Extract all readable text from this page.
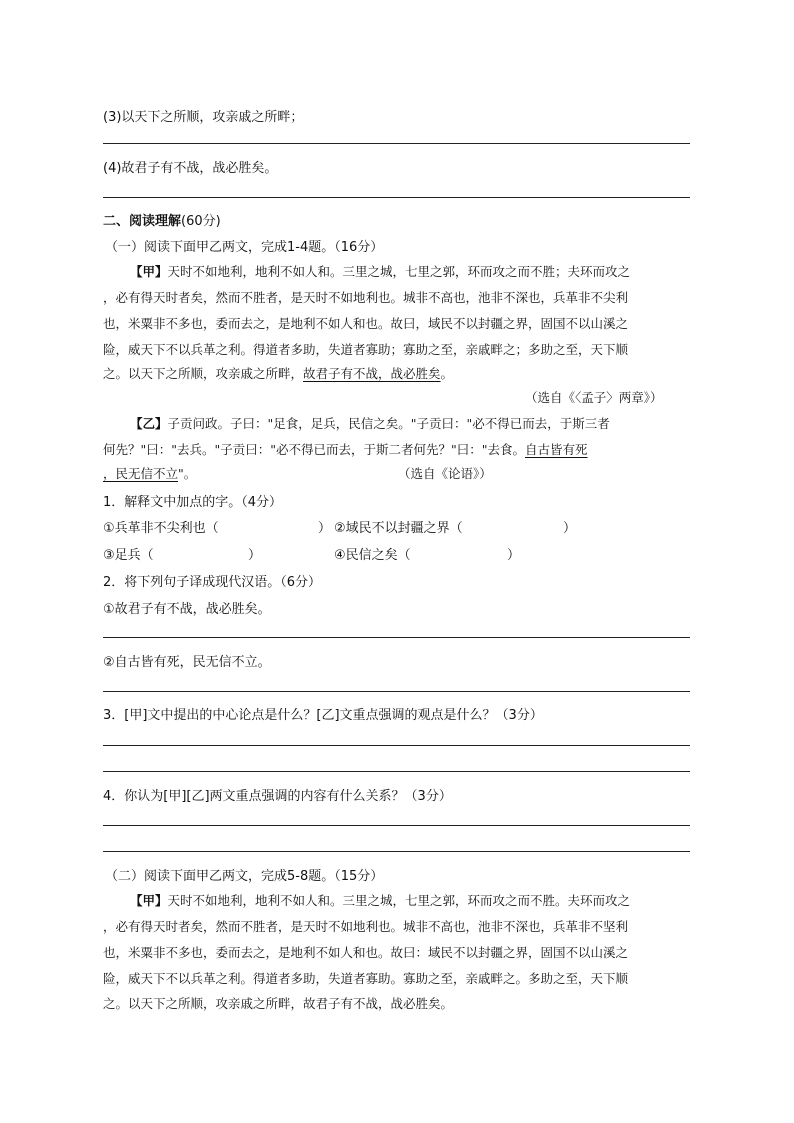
(3)以天下之所顺，攻亲戚之所畔；
(4)故君子有不战，战必胜矣。
二、阅读理解(60分)
（一）阅读下面甲乙两文，完成1-4题。（16分）
【甲】天时不如地利，地利不如人和。三里之城，七里之郭，环而攻之而不胜；夫环而攻之
，必有得天时者矣，然而不胜者，是天时不如地利也。城非不高也，池非不深也，兵革非不尖利
也，米粟非不多也，委而去之，是地利不如人和也。故曰，域民不以封疆之界，固国不以山溪之
险，威天下不以兵革之利。得道者多助，失道者寡助；寡助之至，亲戚畔之；多助之至，天下顺
之。以天下之所顺，攻亲戚之所畔，故君子有不战，战必胜矣。
（选自《〈孟子〉两章》）
【乙】子贡问政。子曰："足食，足兵，民信之矣。"子贡曰："必不得已而去，于斯三者
何先？"曰："去兵。"子贡曰："必不得已而去，于斯二者何先？"曰："去食。自古皆有死
，民无信不立"。	（选自《论语》）
1．解释文中加点的字。（4分）
①兵革非不尖利也（	） ②域民不以封疆之界（	）
③足兵（	）	④民信之矣（	）
2．将下列句子译成现代汉语。（6分）
①故君子有不战，战必胜矣。
②自古皆有死，民无信不立。
3．[甲]文中提出的中心论点是什么？[乙]文重点强调的观点是什么？（3分）
4．你认为[甲][乙]两文重点强调的内容有什么关系？（3分）
（二）阅读下面甲乙两文，完成5-8题。（15分）
【甲】天时不如地利，地利不如人和。三里之城，七里之郭，环而攻之而不胜。夫环而攻之
，必有得天时者矣，然而不胜者，是天时不如地利也。城非不高也，池非不深也，兵革非不坚利
也，米粟非不多也，委而去之，是地利不如人和也。故曰：域民不以封疆之界，固国不以山溪之
险，威天下不以兵革之利。得道者多助，失道者寡助。寡助之至，亲戚畔之。多助之至，天下顺
之。以天下之所顺，攻亲戚之所畔，故君子有不战，战必胜矣。
